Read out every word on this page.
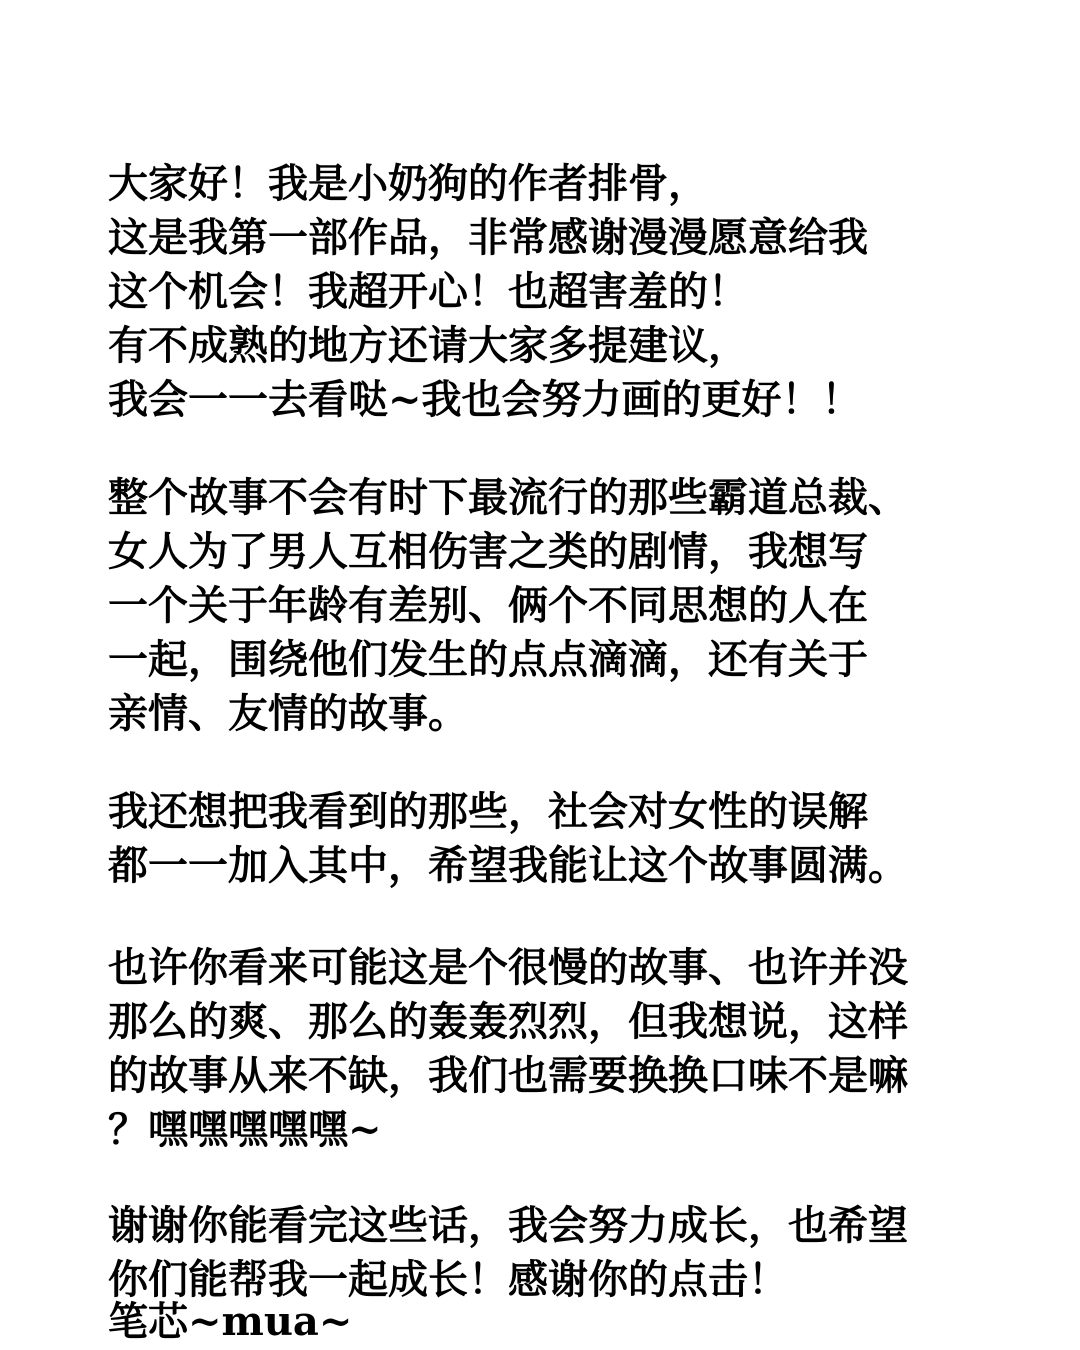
大家好！我是小奶狗的作者排骨，
这是我第一部作品，非常感谢漫漫愿意给我
这个机会！我超开心！也超害羞的！
有不成熟的地方还请大家多提建议，
我会一一去看哒~我也会努力画的更好！！
整个故事不会有时下最流行的那些霸道总裁、
女人为了男人互相伤害之类的剧情，我想写
一个关于年龄有差别、俩个不同思想的人在
一起，围绕他们发生的点点滴滴，还有关于
亲情、友情的故事。
我还想把我看到的那些，社会对女性的误解
都一一加入其中，希望我能让这个故事圆满。
也许你看来可能这是个很慢的故事、也许并没
那么的爽、那么的轰轰烈烈，但我想说，这样
的故事从来不缺，我们也需要换换口味不是嘛
？嘿嘿嘿嘿嘿~
谢谢你能看完这些话，我会努力成长，也希望
你们能帮我一起成长！感谢你的点击！
笔芯~mua~
